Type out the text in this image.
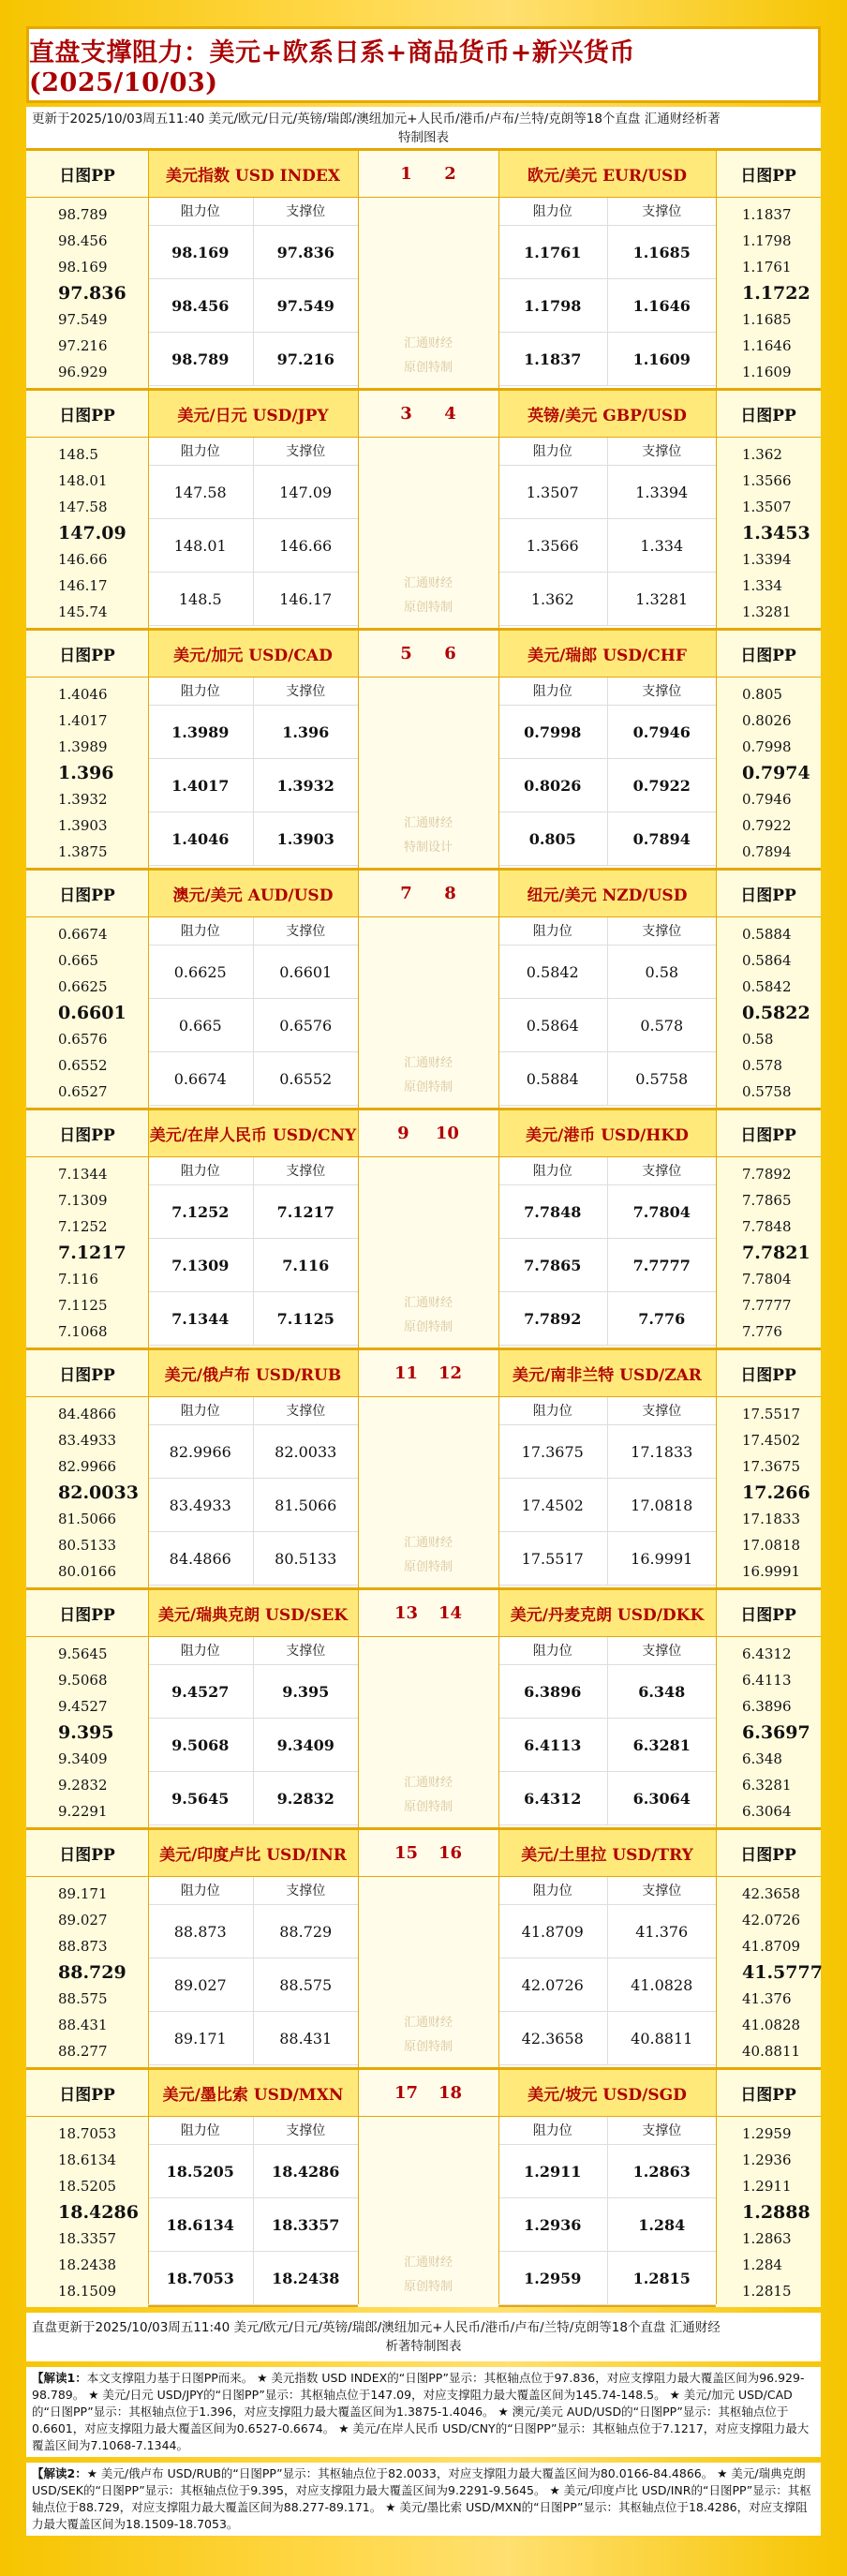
直盘支撑阻力：美元+欧系日系+商品货币+新兴货币(2025/10/03)
更新于2025/10/03周五11:40 美元/欧元/日元/英镑/瑞郎/澳纽加元+人民币/港币/卢布/兰特/克朗等18个直盘 汇通财经析著
特制图表
日图PP
98.789
98.456
98.169
97.836
97.549
97.216
96.929
美元指数 USD INDEX
阻力位	支撑位
98.169	97.836
98.456	97.549
98.789	97.216
1 2
汇通财经
原创特制
欧元/美元 EUR/USD
阻力位	支撑位
1.1761	1.1685
1.1798	1.1646
1.1837	1.1609
日图PP
1.1837
1.1798
1.1761
1.1722
1.1685
1.1646
1.1609
日图PP
148.5
148.01
147.58
147.09
146.66
146.17
145.74
美元/日元 USD/JPY
阻力位	支撑位
147.58	147.09
148.01	146.66
148.5	146.17
3 4
汇通财经
原创特制
英镑/美元 GBP/USD
阻力位	支撑位
1.3507	1.3394
1.3566	1.334
1.362	1.3281
日图PP
1.362
1.3566
1.3507
1.3453
1.3394
1.334
1.3281
日图PP
1.4046
1.4017
1.3989
1.396
1.3932
1.3903
1.3875
美元/加元 USD/CAD
阻力位	支撑位
1.3989	1.396
1.4017	1.3932
1.4046	1.3903
5 6
汇通财经
特制设计
美元/瑞郎 USD/CHF
阻力位	支撑位
0.7998	0.7946
0.8026	0.7922
0.805	0.7894
日图PP
0.805
0.8026
0.7998
0.7974
0.7946
0.7922
0.7894
日图PP
0.6674
0.665
0.6625
0.6601
0.6576
0.6552
0.6527
澳元/美元 AUD/USD
阻力位	支撑位
0.6625	0.6601
0.665	0.6576
0.6674	0.6552
7 8
汇通财经
原创特制
纽元/美元 NZD/USD
阻力位	支撑位
0.5842	0.58
0.5864	0.578
0.5884	0.5758
日图PP
0.5884
0.5864
0.5842
0.5822
0.58
0.578
0.5758
日图PP
7.1344
7.1309
7.1252
7.1217
7.116
7.1125
7.1068
美元/在岸人民币 USD/CNY
阻力位	支撑位
7.1252	7.1217
7.1309	7.116
7.1344	7.1125
9 10
汇通财经
原创特制
美元/港币 USD/HKD
阻力位	支撑位
7.7848	7.7804
7.7865	7.7777
7.7892	7.776
日图PP
7.7892
7.7865
7.7848
7.7821
7.7804
7.7777
7.776
日图PP
84.4866
83.4933
82.9966
82.0033
81.5066
80.5133
80.0166
美元/俄卢布 USD/RUB
阻力位	支撑位
82.9966	82.0033
83.4933	81.5066
84.4866	80.5133
11 12
汇通财经
原创特制
美元/南非兰特 USD/ZAR
阻力位	支撑位
17.3675	17.1833
17.4502	17.0818
17.5517	16.9991
日图PP
17.5517
17.4502
17.3675
17.266
17.1833
17.0818
16.9991
日图PP
9.5645
9.5068
9.4527
9.395
9.3409
9.2832
9.2291
美元/瑞典克朗 USD/SEK
阻力位	支撑位
9.4527	9.395
9.5068	9.3409
9.5645	9.2832
13 14
汇通财经
原创特制
美元/丹麦克朗 USD/DKK
阻力位	支撑位
6.3896	6.348
6.4113	6.3281
6.4312	6.3064
日图PP
6.4312
6.4113
6.3896
6.3697
6.348
6.3281
6.3064
日图PP
89.171
89.027
88.873
88.729
88.575
88.431
88.277
美元/印度卢比 USD/INR
阻力位	支撑位
88.873	88.729
89.027	88.575
89.171	88.431
15 16
汇通财经
原创特制
美元/土里拉 USD/TRY
阻力位	支撑位
41.8709	41.376
42.0726	41.0828
42.3658	40.8811
日图PP
42.3658
42.0726
41.8709
41.5777
41.376
41.0828
40.8811
日图PP
18.7053
18.6134
18.5205
18.4286
18.3357
18.2438
18.1509
美元/墨比索 USD/MXN
阻力位	支撑位
18.5205	18.4286
18.6134	18.3357
18.7053	18.2438
17 18
汇通财经
原创特制
美元/坡元 USD/SGD
阻力位	支撑位
1.2911	1.2863
1.2936	1.284
1.2959	1.2815
日图PP
1.2959
1.2936
1.2911
1.2888
1.2863
1.284
1.2815
直盘更新于2025/10/03周五11:40 美元/欧元/日元/英镑/瑞郎/澳纽加元+人民币/港币/卢布/兰特/克朗等18个直盘 汇通财经
析著特制图表
【解读1：本文支撑阻力基于日图PP而来。 ★ 美元指数 USD INDEX的“日图PP”显示：其枢轴点位于97.836，对应支撑阻力最大覆盖区间为96.929-98.789。 ★ 美元/日元 USD/JPY的“日图PP”显示：其枢轴点位于147.09，对应支撑阻力最大覆盖区间为145.74-148.5。 ★ 美元/加元 USD/CAD的“日图PP”显示：其枢轴点位于1.396，对应支撑阻力最大覆盖区间为1.3875-1.4046。 ★ 澳元/美元 AUD/USD的“日图PP”显示：其枢轴点位于0.6601，对应支撑阻力最大覆盖区间为0.6527-0.6674。 ★ 美元/在岸人民币 USD/CNY的“日图PP”显示：其枢轴点位于7.1217，对应支撑阻力最大覆盖区间为7.1068-7.1344。
【解读2：★ 美元/俄卢布 USD/RUB的“日图PP”显示：其枢轴点位于82.0033，对应支撑阻力最大覆盖区间为80.0166-84.4866。 ★ 美元/瑞典克朗 USD/SEK的“日图PP”显示：其枢轴点位于9.395，对应支撑阻力最大覆盖区间为9.2291-9.5645。 ★ 美元/印度卢比 USD/INR的“日图PP”显示：其枢轴点位于88.729，对应支撑阻力最大覆盖区间为88.277-89.171。 ★ 美元/墨比索 USD/MXN的“日图PP”显示：其枢轴点位于18.4286，对应支撑阻力最大覆盖区间为18.1509-18.7053。
